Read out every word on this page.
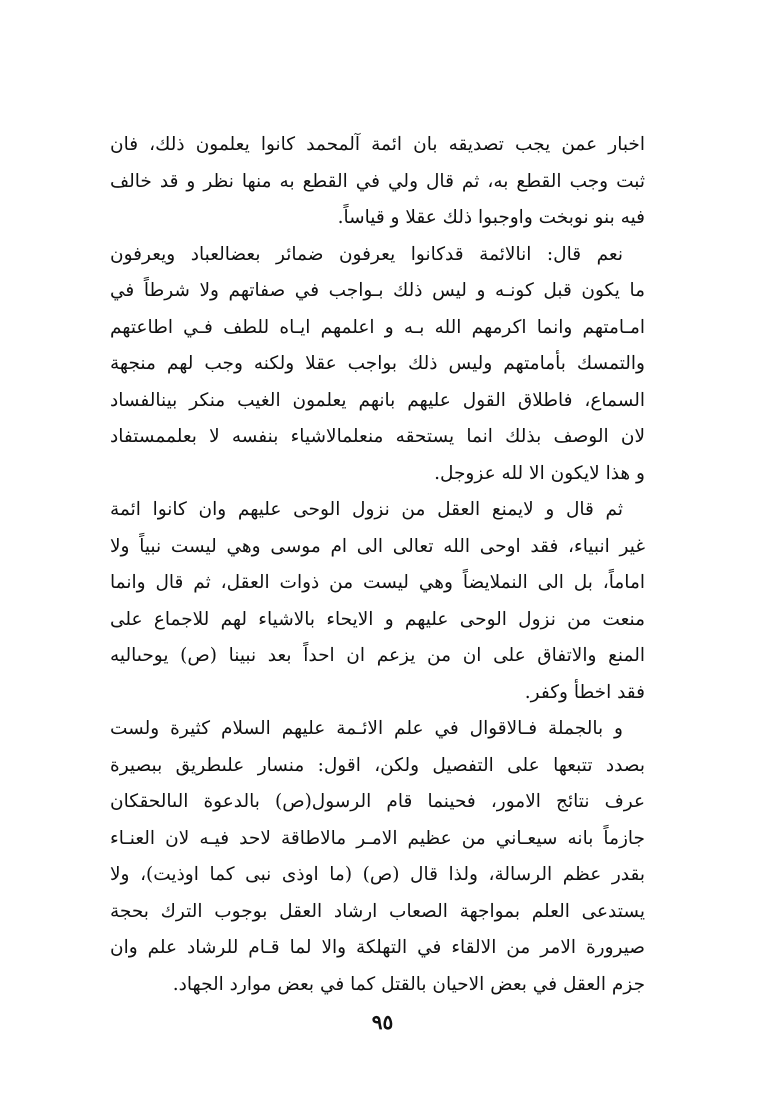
اخبار عمن يجب تصديقه بان ائمة آلمحمد كانوا يعلمون ذلك، فان
ثبت وجب القطع به، ثم قال ولي في القطع به منها نظر و قد خالف
فيه بنو نوبخت واوجبوا ذلك عقلا و قياساً.
نعم قال: انالائمة قدكانوا يعرفون ضمائر بعضالعباد ويعرفون
ما يكون قبل كونـه و ليس ذلك بـواجب في صفاتهم ولا شرطاً في
امـامتهم وانما اكرمهم الله بـه و اعلمهم ايـاه للطف فـي اطاعتهم
والتمسك بأمامتهم وليس ذلك بواجب عقلا ولكنه وجب لهم منجهة
السماع، فاطلاق القول عليهم بانهم يعلمون الغيب منكر بينالفساد
لان الوصف بذلك انما يستحقه منعلمالاشياء بنفسه لا بعلممستفاد
و هذا لايكون الا لله عزوجل.
ثم قال و لايمنع العقل من نزول الوحى عليهم وان كانوا ائمة
غير انبياء، فقد اوحى الله تعالى الى ام موسى وهي ليست نبياً ولا
اماماً، بل الى النملايضاً وهي ليست من ذوات العقل، ثم قال وانما
منعت من نزول الوحى عليهم و الايحاء بالاشياء لهم للاجماع على
المنع والاتفاق على ان من يزعم ان احداً بعد نبينا (ص) يوحىاليه
فقد اخطأ وكفر.
و بالجملة فـالاقوال في علم الائـمة عليهم السلام كثيرة ولست
بصدد تتبعها على التفصيل ولكن، اقول: منسار علىطريق ببصيرة
عرف نتائج الامور، فحينما قام الرسول(ص) بالدعوة الىالحقكان
جازماً بانه سيعـاني من عظيم الامـر مالاطاقة لاحد فيـه لان العنـاء
بقدر عظم الرسالة، ولذا قال (ص) (ما اوذى نبى كما اوذيت)، ولا
يستدعى العلم بمواجهة الصعاب ارشاد العقل بوجوب الترك بحجة
صيرورة الامر من الالقاء في التهلكة والا لما قـام للرشاد علم وان
جزم العقل في بعض الاحيان بالقتل كما في بعض موارد الجهاد.
٩٥
